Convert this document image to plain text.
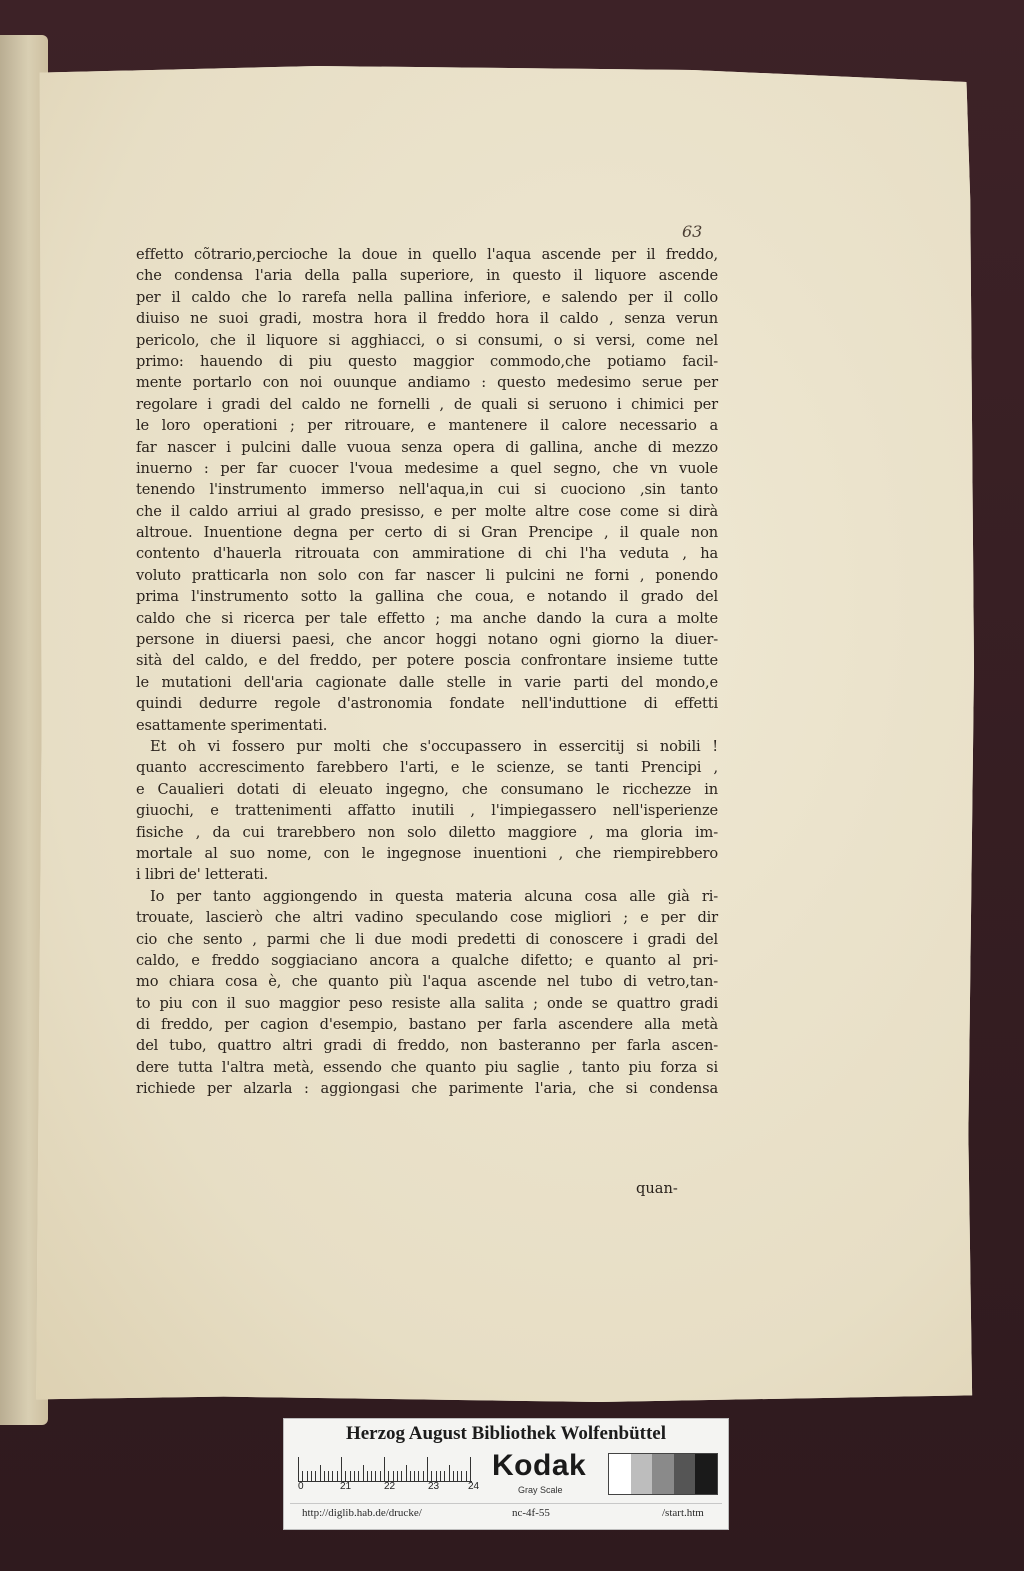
63
effetto cõtrario,percioche la doue in quello l'aqua ascende per il freddo,
che condensa l'aria della palla superiore, in questo il liquore ascende
per il caldo che lo rarefa nella pallina inferiore, e salendo per il collo
diuiso ne suoi gradi, mostra hora il freddo hora il caldo , senza verun
pericolo, che il liquore si agghiacci, o si consumi, o si versi, come nel
primo: hauendo di piu questo maggior commodo,che potiamo facil-
mente portarlo con noi ouunque andiamo : questo medesimo serue per
regolare i gradi del caldo ne fornelli , de quali si seruono i chimici per
le loro operationi ; per ritrouare, e mantenere il calore necessario a
far nascer i pulcini dalle vuoua senza opera di gallina, anche di mezzo
inuerno : per far cuocer l'voua medesime a quel segno, che vn vuole
tenendo l'instrumento immerso nell'aqua,in cui si cuociono ,sin tanto
che il caldo arriui al grado presisso, e per molte altre cose come si dirà
altroue. Inuentione degna per certo di si Gran Prencipe , il quale non
contento d'hauerla ritrouata con ammiratione di chi l'ha veduta , ha
voluto pratticarla non solo con far nascer li pulcini ne forni , ponendo
prima l'instrumento sotto la gallina che coua, e notando il grado del
caldo che si ricerca per tale effetto ; ma anche dando la cura a molte
persone in diuersi paesi, che ancor hoggi notano ogni giorno la diuer-
sità del caldo, e del freddo, per potere poscia confrontare insieme tutte
le mutationi dell'aria cagionate dalle stelle in varie parti del mondo,e
quindi dedurre regole d'astronomia fondate nell'induttione di effetti
esattamente sperimentati.
Et oh vi fossero pur molti che s'occupassero in essercitij si nobili !
quanto accrescimento farebbero l'arti, e le scienze, se tanti Prencipi ,
e Caualieri dotati di eleuato ingegno, che consumano le ricchezze in
giuochi, e trattenimenti affatto inutili , l'impiegassero nell'isperienze
fisiche , da cui trarebbero non solo diletto maggiore , ma gloria im-
mortale al suo nome, con le ingegnose inuentioni , che riempirebbero
i libri de' letterati.
Io per tanto aggiongendo in questa materia alcuna cosa alle già ri-
trouate, lascierò che altri vadino speculando cose migliori ; e per dir
cio che sento , parmi che li due modi predetti di conoscere i gradi del
caldo, e freddo soggiaciano ancora a qualche difetto; e quanto al pri-
mo chiara cosa è, che quanto più l'aqua ascende nel tubo di vetro,tan-
to piu con il suo maggior peso resiste alla salita ; onde se quattro gradi
di freddo, per cagion d'esempio, bastano per farla ascendere alla metà
del tubo, quattro altri gradi di freddo, non basteranno per farla ascen-
dere tutta l'altra metà, essendo che quanto piu saglie , tanto piu forza si
richiede per alzarla : aggiongasi che parimente l'aria, che si condensa
quan-
Herzog August Bibliothek Wolfenbüttel
0	21	22	23	24
Kodak
Gray Scale
http://diglib.hab.de/drucke/	nc-4f-55	/start.htm
